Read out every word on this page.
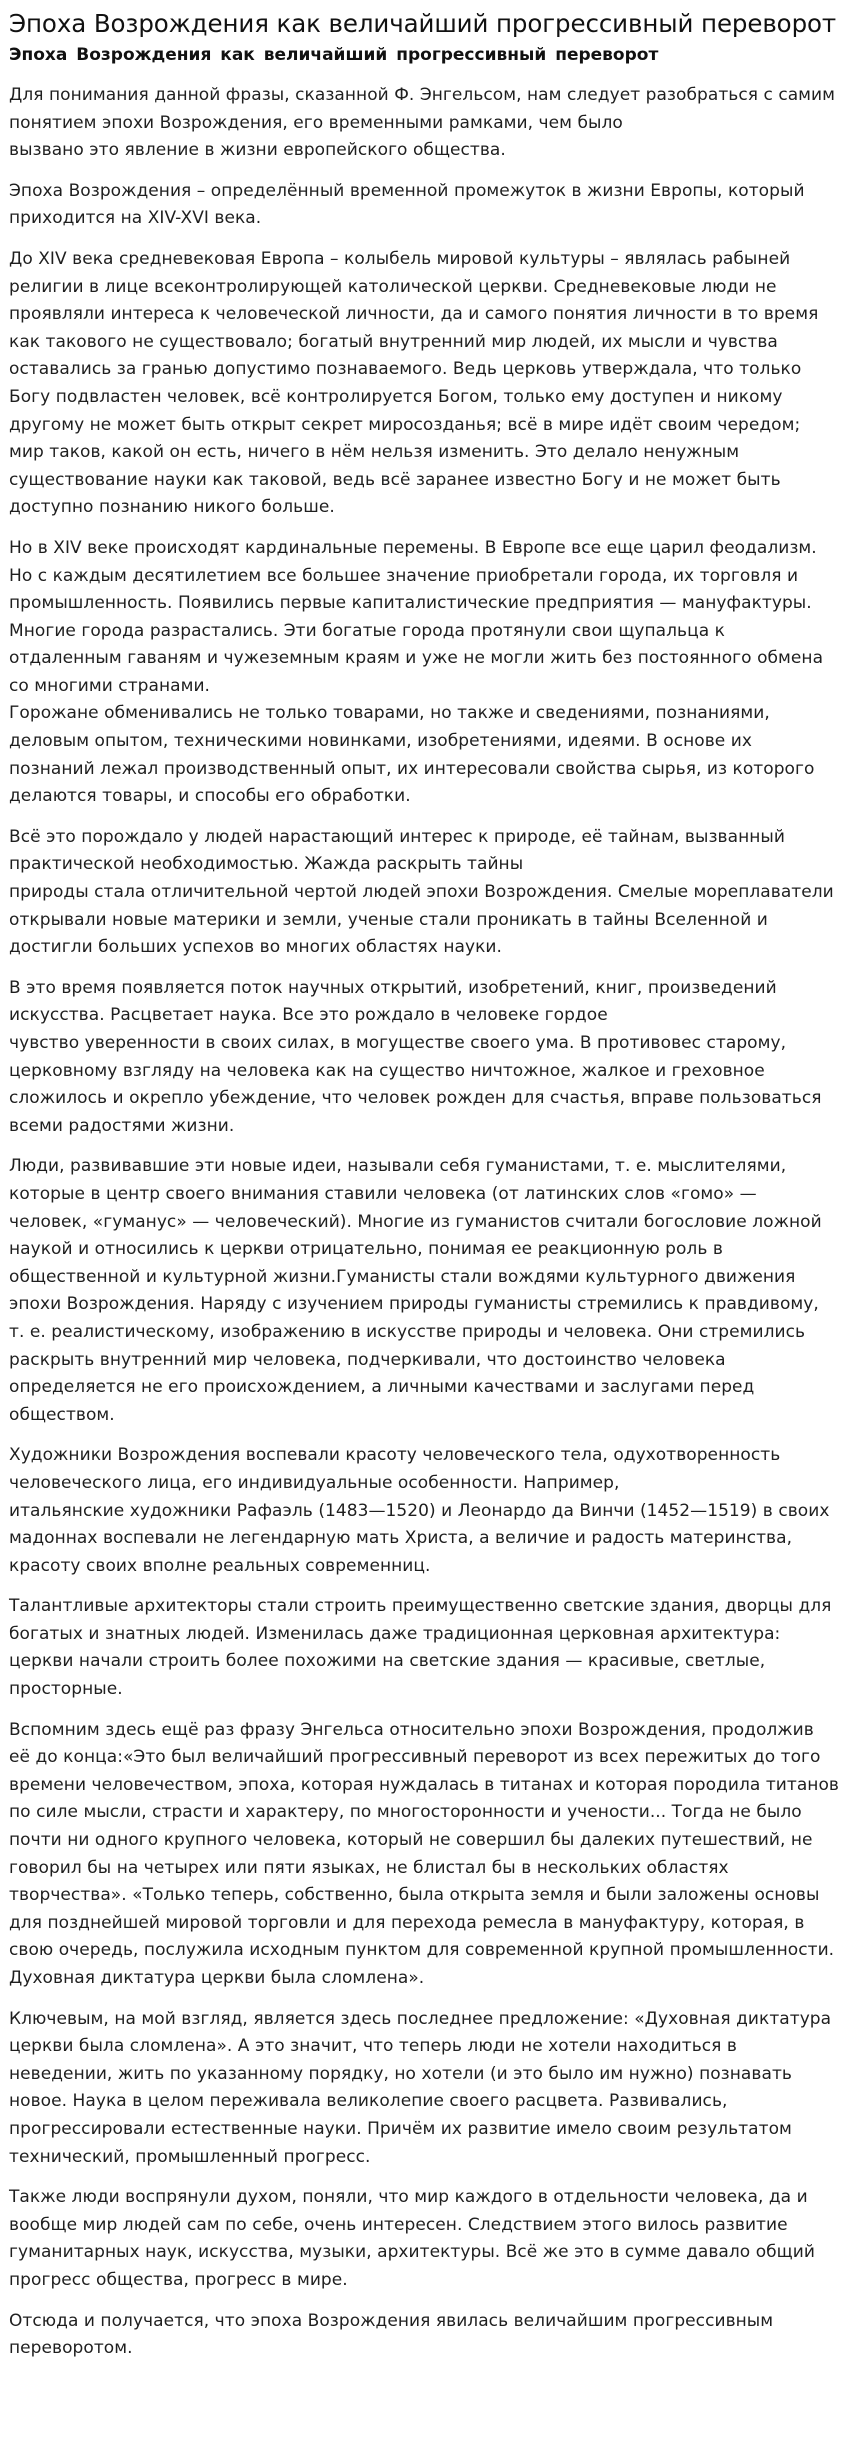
Эпоха Возрождения как величайший прогрессивный переворот
Эпоха Возрождения как величайший прогрессивный переворот

Для понимания данной фразы, сказанной Ф. Энгельсом, нам следует разобраться с самим понятием эпохи Возрождения, его временными рамками, чем было
вызвано это явление в жизни европейского общества.

Эпоха Возрождения – определённый временной промежуток в жизни Европы, который приходится на XIV-XVI века.

До XIV века средневековая Европа – колыбель мировой культуры – являлась рабыней религии в лице всеконтролирующей католической церкви. Средневековые люди не проявляли интереса к человеческой личности, да и самого понятия личности в то время как такового не существовало; богатый внутренний мир людей, их мысли и чувства оставались за гранью допустимо познаваемого. Ведь церковь утверждала, что только Богу подвластен человек, всё контролируется Богом, только ему доступен и никому другому не может быть открыт секрет миросозданья; всё в мире идёт своим чередом; мир таков, какой он есть, ничего в нём нельзя изменить. Это делало ненужным существование науки как таковой, ведь всё заранее известно Богу и не может быть доступно познанию никого больше.

Но в XIV веке происходят кардинальные перемены. В Европе все еще царил феодализм. Но с каждым десятилетием все большее значение приобретали города, их торговля и промышленность. Появились первые капиталистические предприятия — мануфактуры. Многие города разрастались. Эти богатые города протянули свои щупальца к отдаленным гаваням и чужеземным краям и уже не могли жить без постоянного обмена со многими странами.
Горожане обменивались не только товарами, но также и сведениями, познаниями, деловым опытом, техническими новинками, изобретениями, идеями. В основе их познаний лежал производственный опыт, их интересовали свойства сырья, из которого делаются товары, и способы его обработки.

Всё это порождало у людей нарастающий интерес к природе, её тайнам, вызванный практической необходимостью. Жажда раскрыть тайны
природы стала отличительной чертой людей эпохи Возрождения. Смелые мореплаватели открывали новые материки и земли, ученые стали проникать в тайны Вселенной и достигли больших успехов во многих областях науки.

В это время появляется поток научных открытий, изобретений, книг, произведений искусства. Расцветает наука. Все это рождало в человеке гордое
чувство уверенности в своих силах, в могуществе своего ума. В противовес старому, церковному взгляду на человека как на существо ничтожное, жалкое и греховное сложилось и окрепло убеждение, что человек рожден для счастья, вправе пользоваться всеми радостями жизни.

Люди, развивавшие эти новые идеи, называли себя гуманистами, т. е. мыслителями, которые в центр своего внимания ставили человека (от латинских слов «гомо» — человек, «гуманус» — человеческий). Многие из гуманистов считали богословие ложной наукой и относились к церкви отрицательно, понимая ее реакционную роль в общественной и культурной жизни.Гуманисты стали вождями культурного движения эпохи Возрождения. Наряду с изучением природы гуманисты стремились к правдивому, т. е. реалистическому, изображению в искусстве природы и человека. Они стремились раскрыть внутренний мир человека, подчеркивали, что достоинство человека определяется не его происхождением, а личными качествами и заслугами перед обществом.

Художники Возрождения воспевали красоту человеческого тела, одухотворенность человеческого лица, его индивидуальные особенности. Например,
итальянские художники Рафаэль (1483—1520) и Леонардо да Винчи (1452—1519) в своих мадоннах воспевали не легендарную мать Христа, а величие и радость материнства, красоту своих вполне реальных современниц.

Талантливые архитекторы стали строить преимущественно светские здания, дворцы для богатых и знатных людей. Изменилась даже традиционная церковная архитектура: церкви начали строить более похожими на светские здания — красивые, светлые, просторные.

Вспомним здесь ещё раз фразу Энгельса относительно эпохи Возрождения, продолжив её до конца:«Это был величайший прогрессивный переворот из всех пережитых до того времени человечеством, эпоха, которая нуждалась в титанах и которая породила титанов по силе мысли, страсти и характеру, по многосторонности и учености... Тогда не было почти ни одного крупного человека, который не совершил бы далеких путешествий, не говорил бы на четырех или пяти языках, не блистал бы в нескольких областях творчества». «Только теперь, собственно, была открыта земля и были заложены основы для позднейшей мировой торговли и для перехода ремесла в мануфактуру, которая, в свою очередь, послужила исходным пунктом для современной крупной промышленности. Духовная диктатура церкви была сломлена».

Ключевым, на мой взгляд, является здесь последнее предложение: «Духовная диктатура церкви была сломлена». А это значит, что теперь люди не хотели находиться в неведении, жить по указанному порядку, но хотели (и это было им нужно) познавать новое. Наука в целом переживала великолепие своего расцвета. Развивались, прогрессировали естественные науки. Причём их развитие имело своим результатом технический, промышленный прогресс.

Также люди воспрянули духом, поняли, что мир каждого в отдельности человека, да и вообще мир людей сам по себе, очень интересен. Следствием этого вилось развитие гуманитарных наук, искусства, музыки, архитектуры. Всё же это в сумме давало общий прогресс общества, прогресс в мире.

Отсюда и получается, что эпоха Возрождения явилась величайшим прогрессивным переворотом.
